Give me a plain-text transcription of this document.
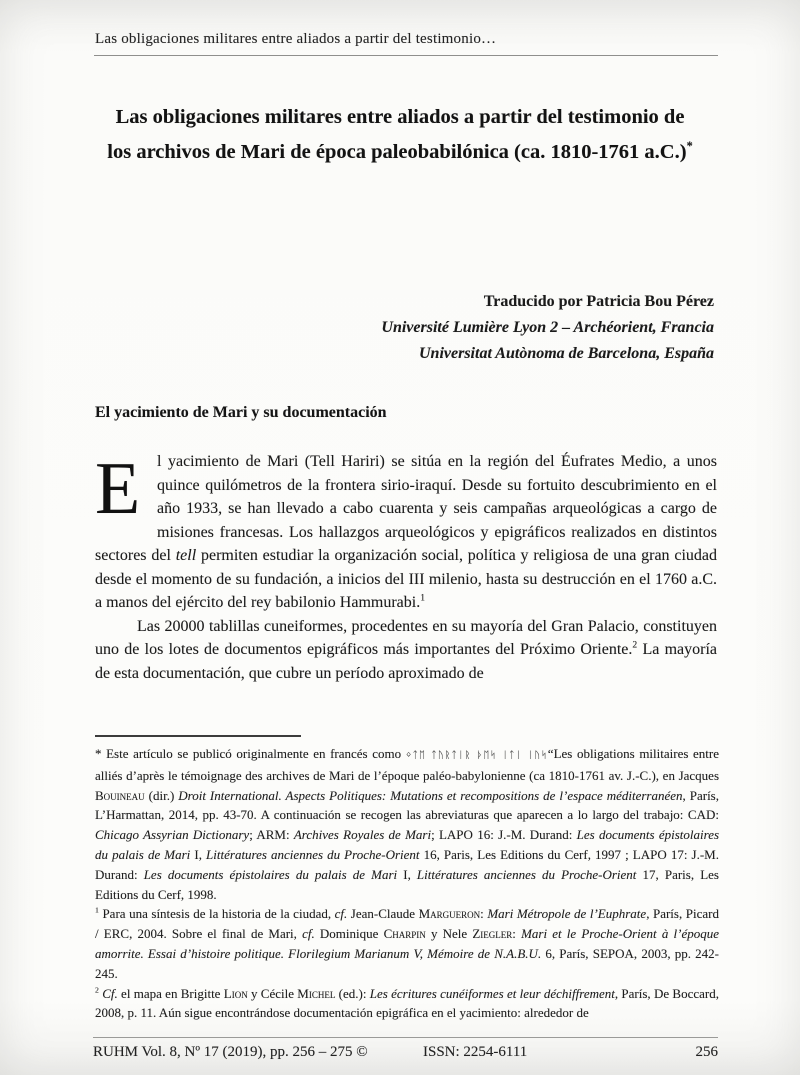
Las obligaciones militares entre aliados a partir del testimonio…
Las obligaciones militares entre aliados a partir del testimonio de
los archivos de Mari de época paleobabilónica (ca. 1810-1761 a.C.)*
Traducido por Patricia Bou Pérez
Université Lumière Lyon 2 – Archéorient, Francia
Universitat Autònoma de Barcelona, España
El yacimiento de Mari y su documentación

E	l yacimiento de Mari (Tell Hariri) se sitúa en la región del Éufrates Medio, a unos quince quilómetros de la frontera sirio-iraquí. Desde su fortuito descubrimiento en el año 1933, se han llevado a cabo cuarenta y seis campañas arqueológicas a cargo de misiones francesas. Los hallazgos arqueológicos y epigráficos realizados en distintos sectores del tell permiten estudiar la organización social, política y religiosa de una gran ciudad desde el momento de su fundación, a inicios del III milenio, hasta su destrucción en el 1760 a.C. a manos del ejército del rey babilonio Hammurabi.$^1$

Las 20000 tablillas cuneiformes, procedentes en su mayoría del Gran Palacio, constituyen uno de los lotes de documentos epigráficos más importantes del Próximo Oriente.$^2$ La mayoría de esta documentación, que cubre un período aproximado de

* Este artículo se publicó originalmente en francés como ᛜᛏᛖ ᛏᚢᚱᛏᛁᚱ ᚦᛖᛋ ᛁᛏᛁ ᛁᚢᛋ“Les obligations militaires entre alliés d’après le témoignage des archives de Mari de l’époque paléo-babylonienne (ca 1810-1761 av. J.-C.), en Jacques Bouineau (dir.) Droit International. Aspects Politiques: Mutations et recompositions de l’espace méditerranéen, París, L’Harmattan, 2014, pp. 43-70. A continuación se recogen las abreviaturas que aparecen a lo largo del trabajo: CAD: Chicago Assyrian Dictionary; ARM: Archives Royales de Mari; LAPO 16: J.-M. Durand: Les documents épistolaires du palais de Mari I, Littératures anciennes du Proche-Orient 16, Paris, Les Editions du Cerf, 1997 ; LAPO 17: J.-M. Durand: Les documents épistolaires du palais de Mari I, Littératures anciennes du Proche-Orient 17, Paris, Les Editions du Cerf, 1998.

$^1$ Para una síntesis de la historia de la ciudad, cf. Jean-Claude Margueron: Mari Métropole de l’Euphrate, París, Picard / ERC, 2004. Sobre el final de Mari, cf. Dominique Charpin y Nele Ziegler: Mari et le Proche-Orient à l’époque amorrite. Essai d’histoire politique. Florilegium Marianum V, Mémoire de N.A.B.U. 6, París, SEPOA, 2003, pp. 242-245.

$^2$ Cf. el mapa en Brigitte Lion y Cécile Michel (ed.): Les écritures cunéiformes et leur déchiffrement, París, De Boccard, 2008, p. 11. Aún sigue encontrándose documentación epigráfica en el yacimiento: alrededor de

RUHM Vol. 8, Nº 17 (2019), pp. 256 – 275 ©	ISSN: 2254-6111	256
